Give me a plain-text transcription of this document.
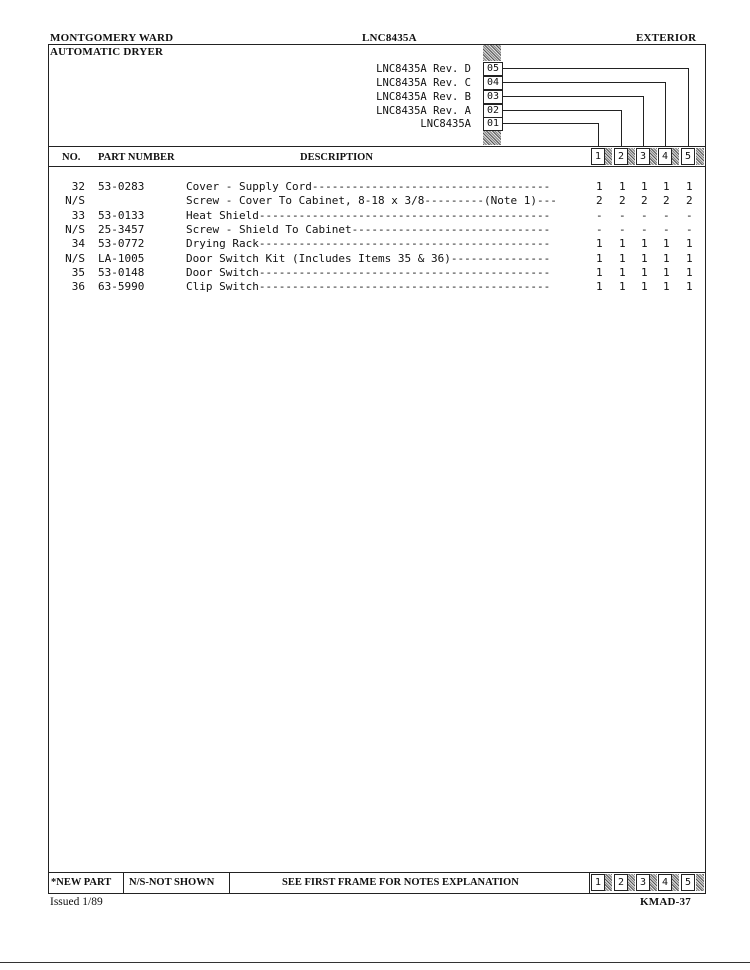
MONTGOMERY WARD	LNC8435A	EXTERIOR
AUTOMATIC DRYER
LNC8435A Rev. D	05
LNC8435A Rev. C	04
LNC8435A Rev. B	03
LNC8435A Rev. A	02
LNC8435A	01
NO. PART NUMBER	DESCRIPTION	1	2	3	4	5
32 53-0283	Cover - Supply Cord------------------------------------	1 1 1 1 1
N/S	Screw - Cover To Cabinet, 8-18 x 3/8---------(Note 1)---	2 2 2 2 2
33 53-0133	Heat Shield--------------------------------------------	- - - - -
N/S 25-3457	Screw - Shield To Cabinet------------------------------	- - - - -
34 53-0772	Drying Rack--------------------------------------------	1 1 1 1 1
N/S LA-1005	Door Switch Kit (Includes Items 35 & 36)---------------	1 1 1 1 1
35 53-0148	Door Switch--------------------------------------------	1 1 1 1 1
36 63-5990	Clip Switch--------------------------------------------	1 1 1 1 1
*NEW PART N/S-NOT SHOWN	SEE FIRST FRAME FOR NOTES EXPLANATION	1	2	3	4	5
Issued 1/89	KMAD-37
